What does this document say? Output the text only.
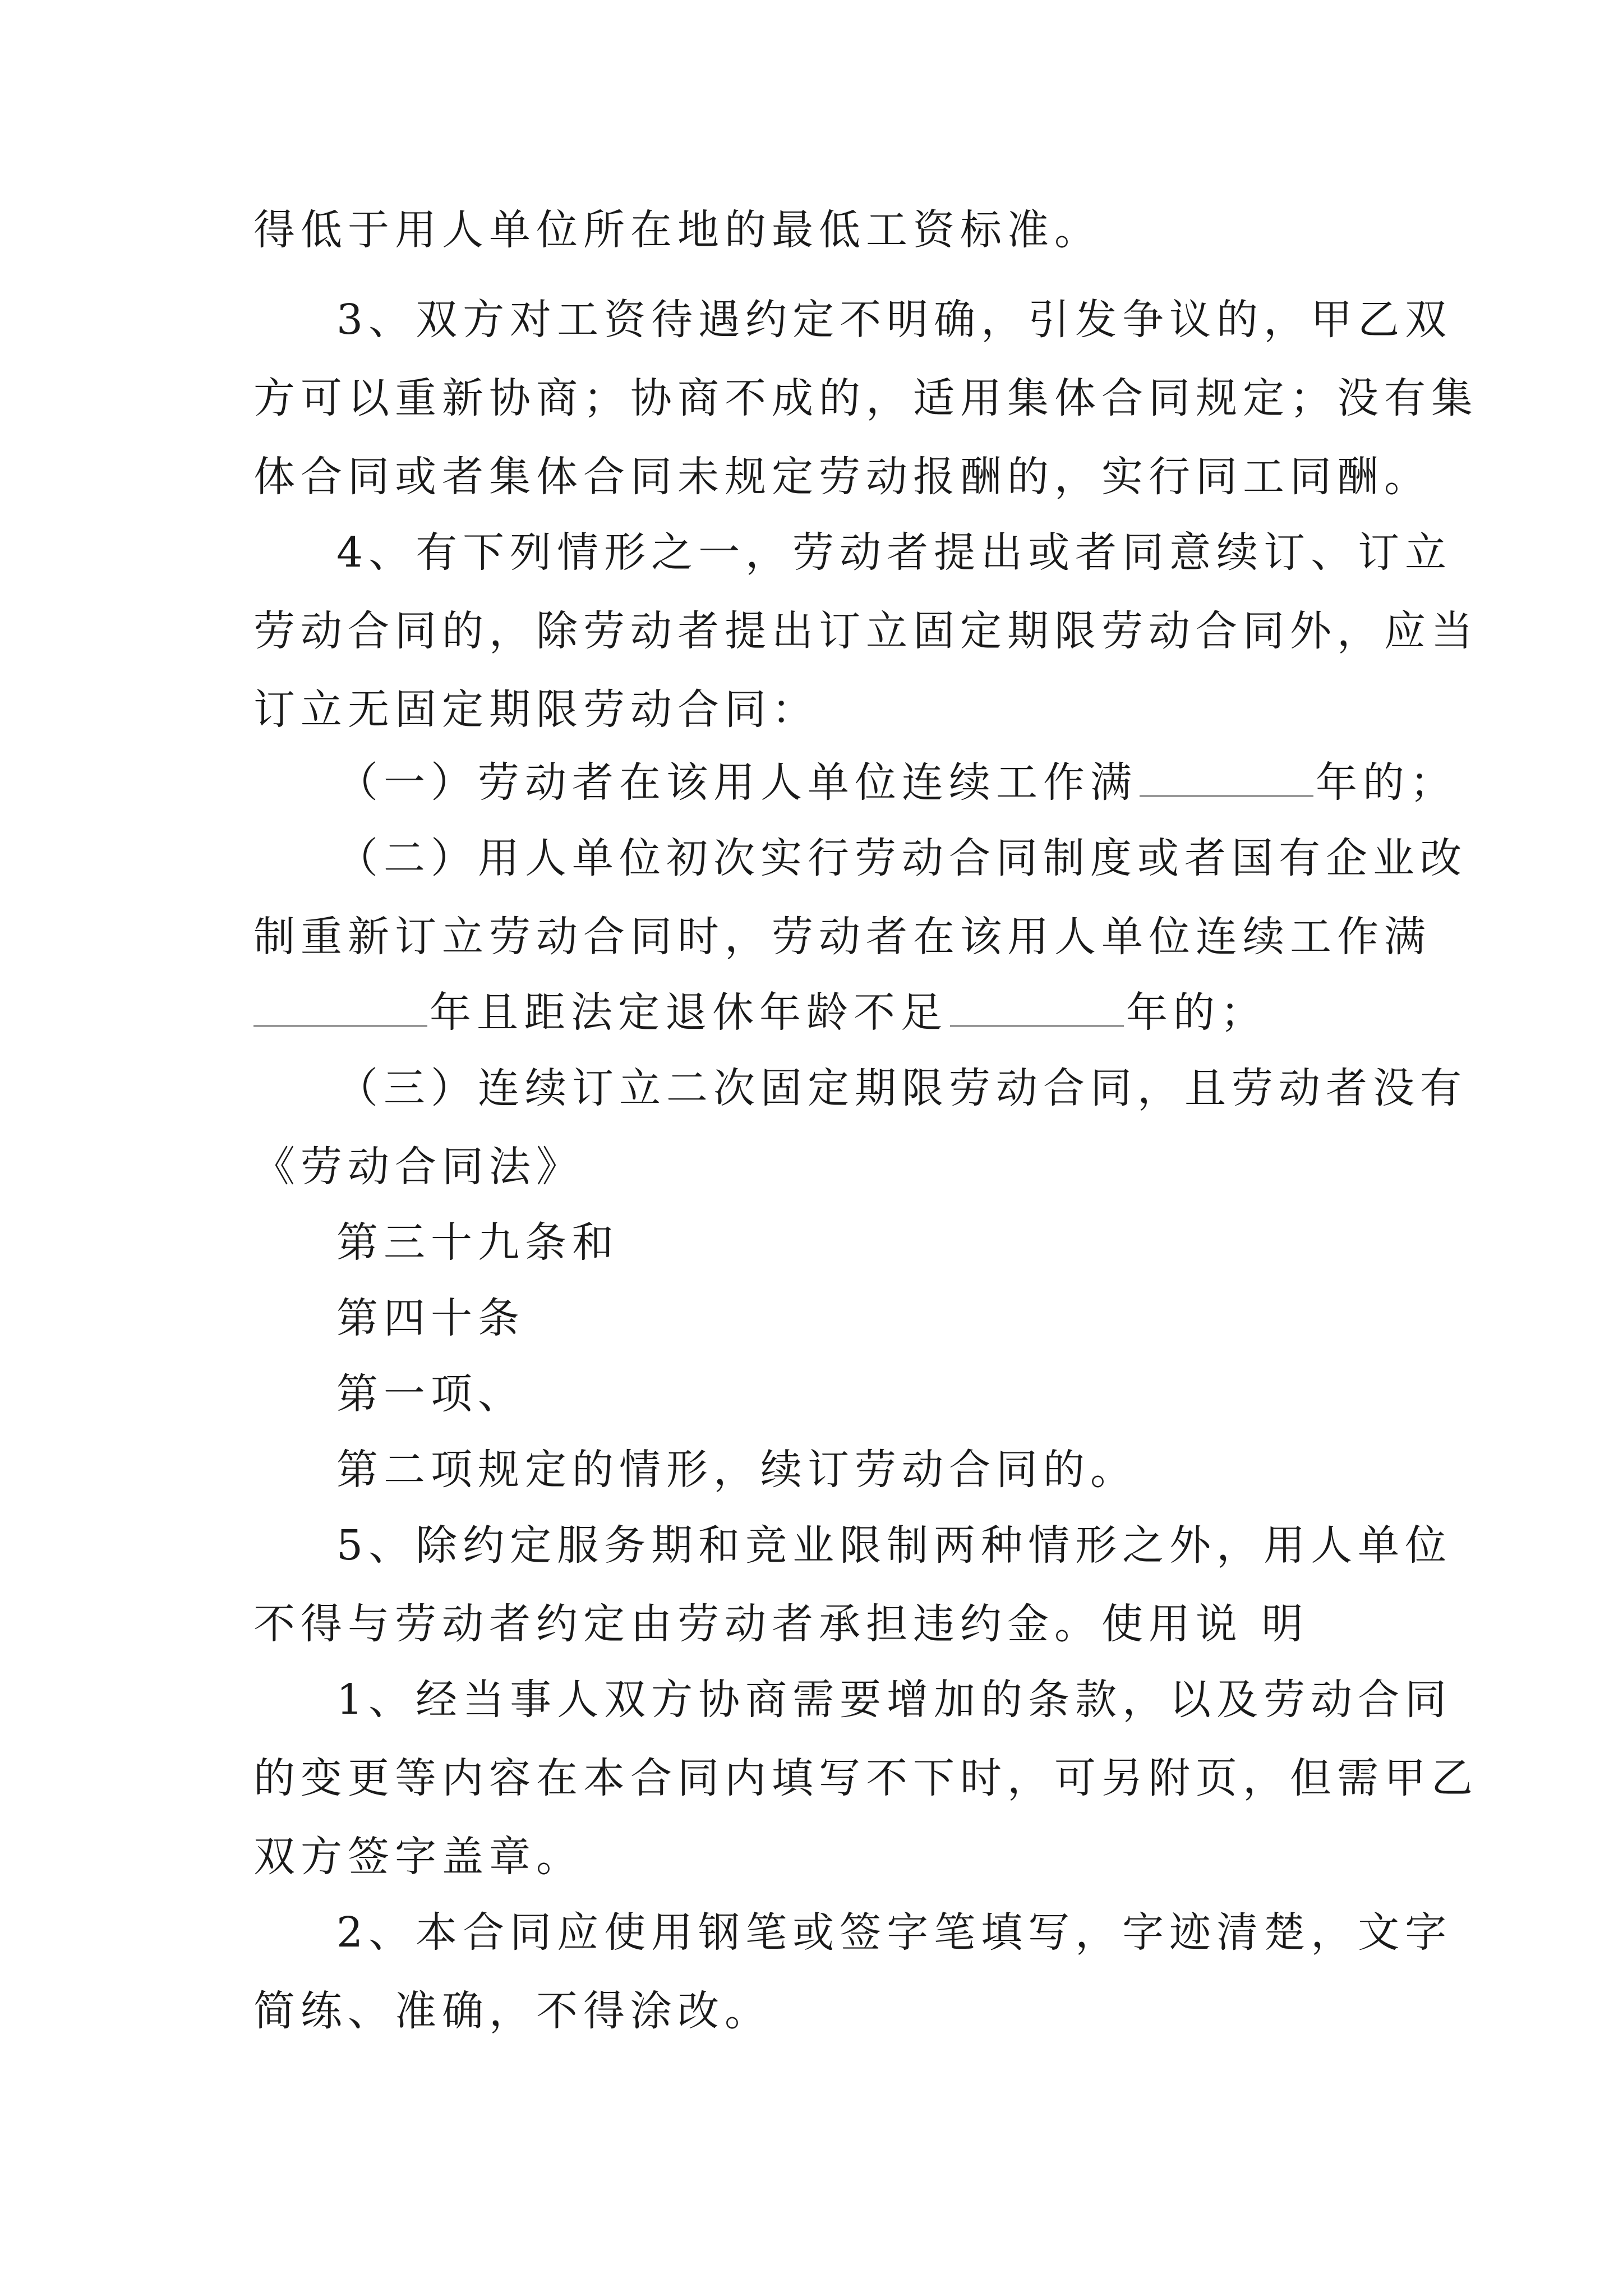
得低于用人单位所在地的最低工资标准。
3、双方对工资待遇约定不明确，引发争议的，甲乙双
方可以重新协商；协商不成的，适用集体合同规定；没有集
体合同或者集体合同未规定劳动报酬的，实行同工同酬。
4、有下列情形之一，劳动者提出或者同意续订、订立
劳动合同的，除劳动者提出订立固定期限劳动合同外，应当
订立无固定期限劳动合同：
（一）劳动者在该用人单位连续工作满	年的；
（二）用人单位初次实行劳动合同制度或者国有企业改
制重新订立劳动合同时，劳动者在该用人单位连续工作满
年且距法定退休年龄不足	年的；
（三）连续订立二次固定期限劳动合同，且劳动者没有
《劳动合同法》
第三十九条和
第四十条
第一项、
第二项规定的情形，续订劳动合同的。
5、除约定服务期和竞业限制两种情形之外，用人单位
不得与劳动者约定由劳动者承担违约金。使用说 明
1、经当事人双方协商需要增加的条款，以及劳动合同
的变更等内容在本合同内填写不下时，可另附页，但需甲乙
双方签字盖章。
2、本合同应使用钢笔或签字笔填写，字迹清楚，文字
简练、准确，不得涂改。
